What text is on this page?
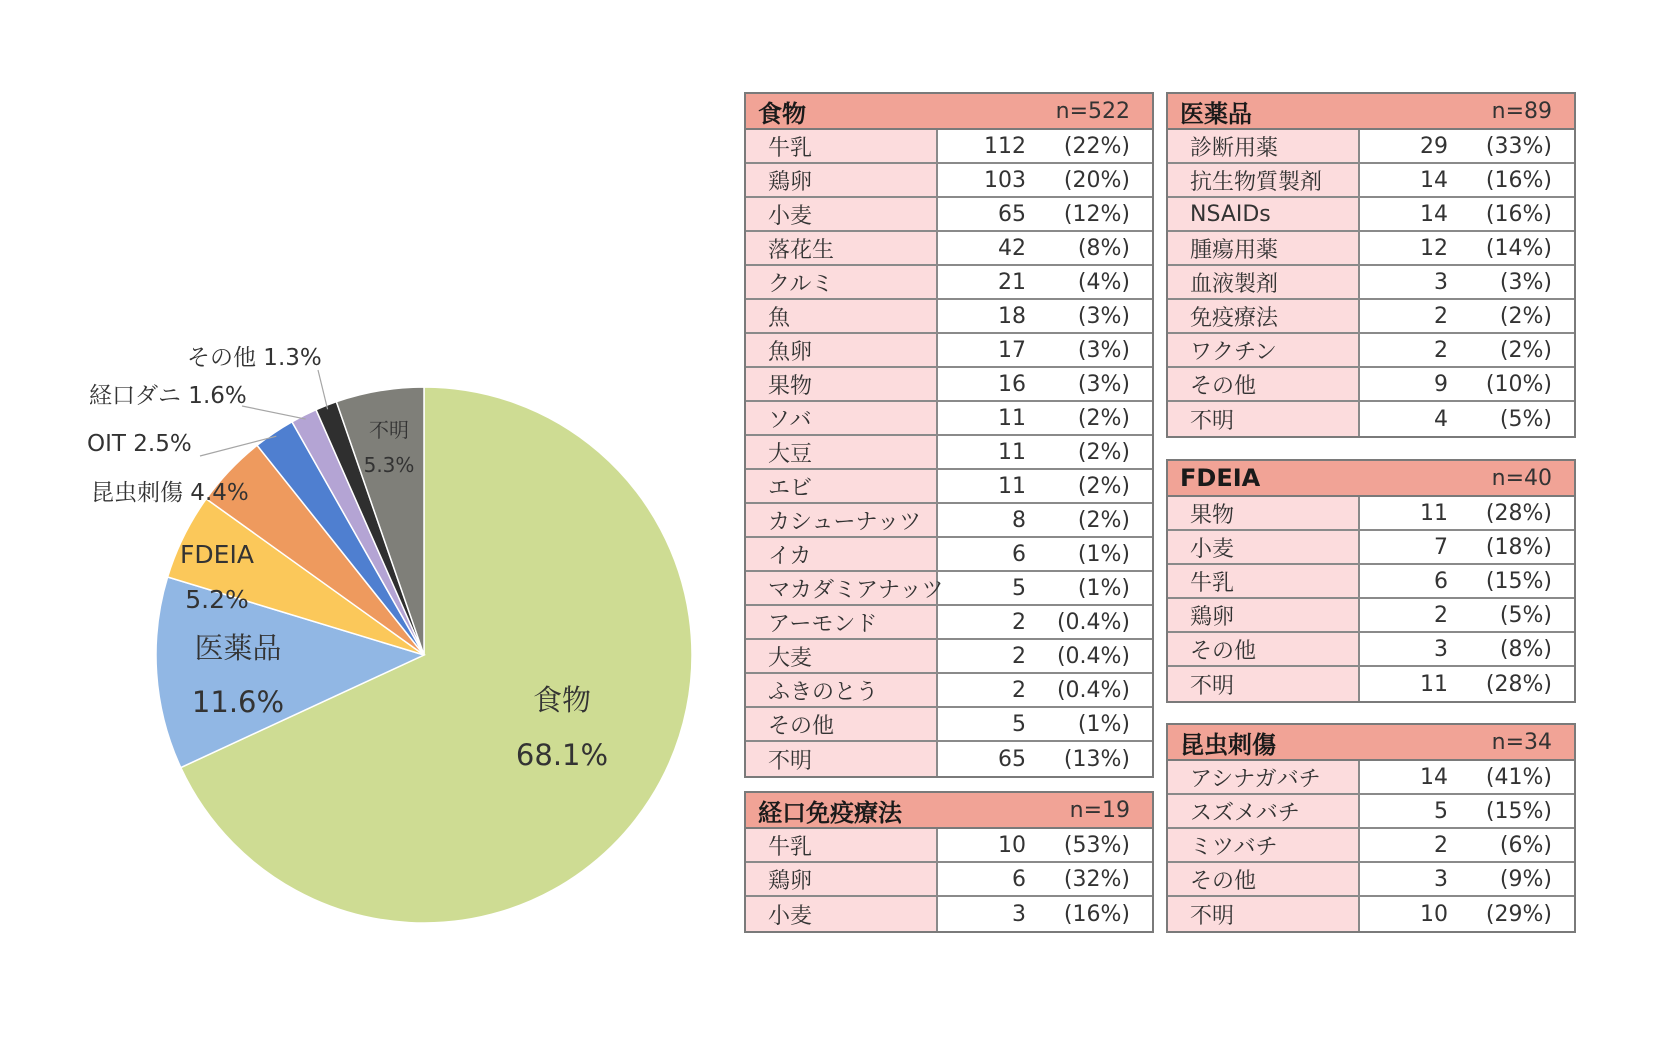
食物
68.1%
医薬品
11.6%
FDEIA
5.2%
昆虫刺傷 4.4%
OIT 2.5%
経口ダニ 1.6%
その他 1.3%
不明
5.3%
食物	n=522
牛乳	112	(22%)
鶏卵	103	(20%)
小麦	65	(12%)
落花生	42	(8%)
クルミ	21	(4%)
魚	18	(3%)
魚卵	17	(3%)
果物	16	(3%)
ソバ	11	(2%)
大豆	11	(2%)
エビ	11	(2%)
カシューナッツ	8	(2%)
イカ	6	(1%)
マカダミアナッツ	5	(1%)
アーモンド	2	(0.4%)
大麦	2	(0.4%)
ふきのとう	2	(0.4%)
その他	5	(1%)
不明	65	(13%)
経口免疫療法	n=19
牛乳	10	(53%)
鶏卵	6	(32%)
小麦	3	(16%)
医薬品	n=89
診断用薬	29	(33%)
抗生物質製剤	14	(16%)
NSAIDs	14	(16%)
腫瘍用薬	12	(14%)
血液製剤	3	(3%)
免疫療法	2	(2%)
ワクチン	2	(2%)
その他	9	(10%)
不明	4	(5%)
FDEIA	n=40
果物	11	(28%)
小麦	7	(18%)
牛乳	6	(15%)
鶏卵	2	(5%)
その他	3	(8%)
不明	11	(28%)
昆虫刺傷	n=34
アシナガバチ	14	(41%)
スズメバチ	5	(15%)
ミツバチ	2	(6%)
その他	3	(9%)
不明	10	(29%)
